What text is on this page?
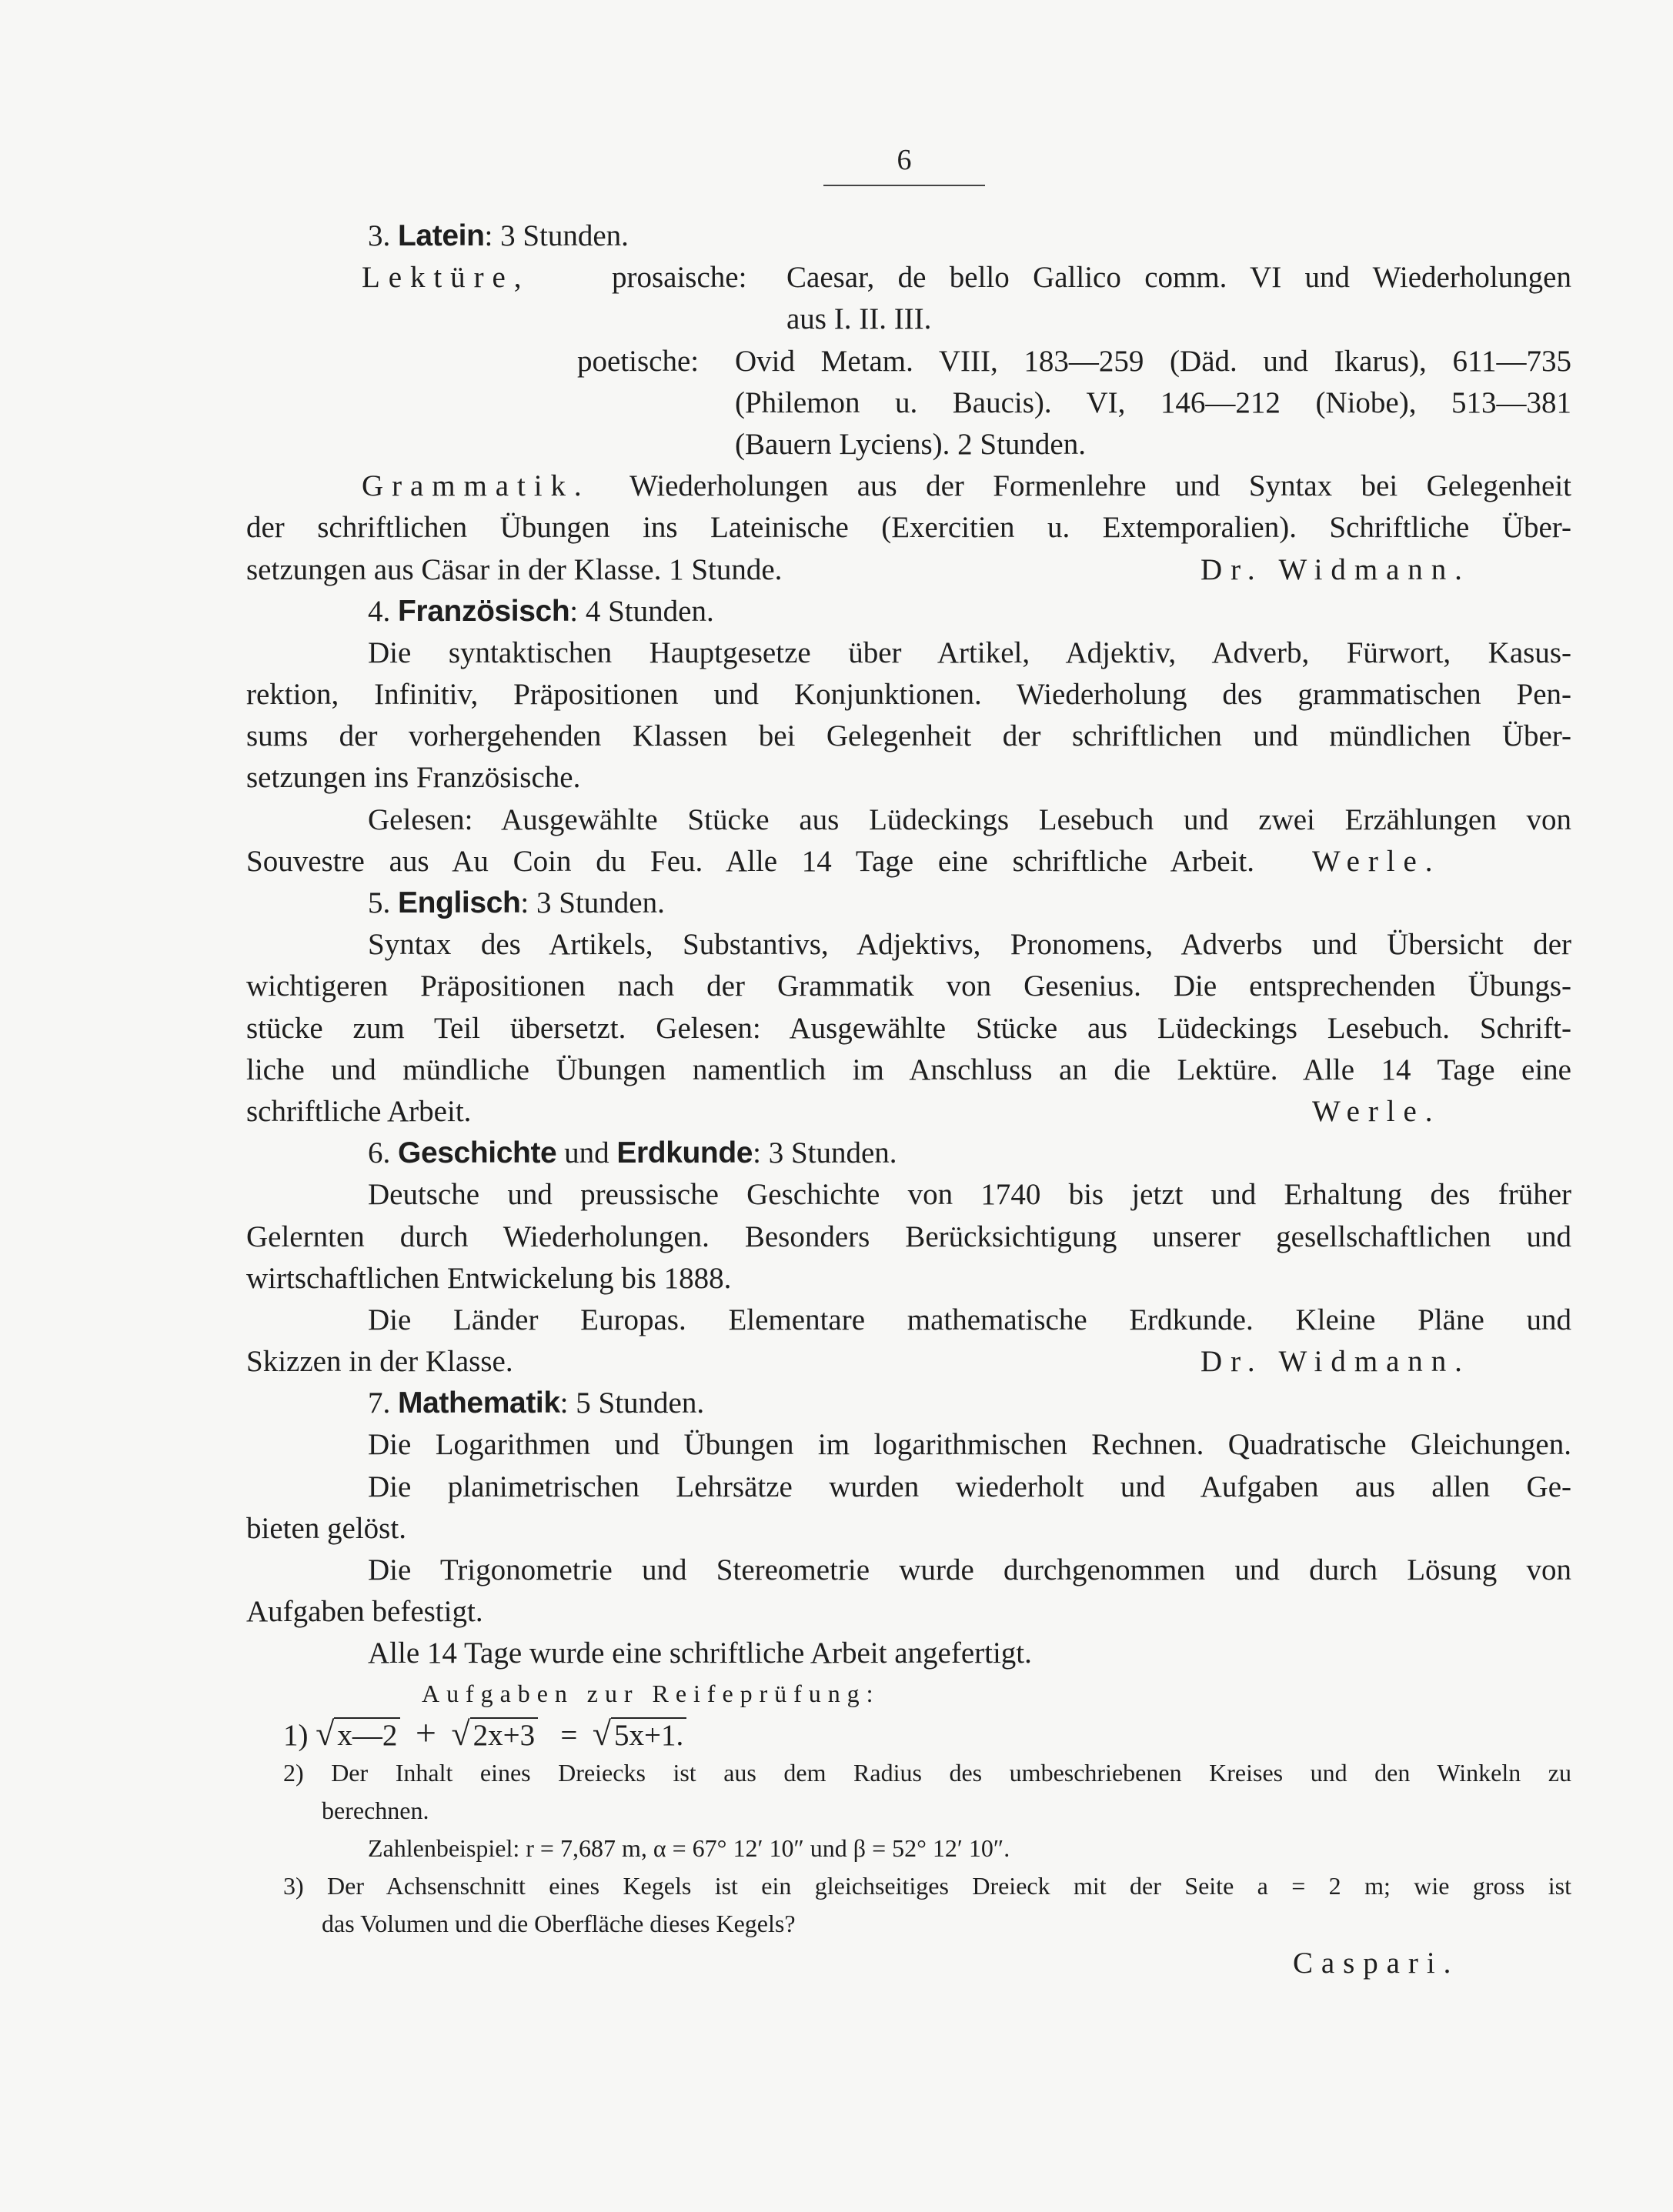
6
3. Latein: 3 Stunden.
Lektüre,	prosaische: Caesar, de bello Gallico comm. VI und Wiederholungen
aus I. II. III.
poetische: Ovid Metam. VIII, 183—259 (Däd. und Ikarus), 611—735
(Philemon u. Baucis). VI, 146—212 (Niobe), 513—381
(Bauern Lyciens). 2 Stunden.
Grammatik. Wiederholungen aus der Formenlehre und Syntax bei Gelegenheit
der schriftlichen Übungen ins Lateinische (Exercitien u. Extemporalien). Schriftliche Über-
setzungen aus Cäsar in der Klasse. 1 Stunde.	Dr. Widmann.
4. Französisch: 4 Stunden.
Die syntaktischen Hauptgesetze über Artikel, Adjektiv, Adverb, Fürwort, Kasus-
rektion, Infinitiv, Präpositionen und Konjunktionen. Wiederholung des grammatischen Pen-
sums der vorhergehenden Klassen bei Gelegenheit der schriftlichen und mündlichen Über-
setzungen ins Französische.
Gelesen: Ausgewählte Stücke aus Lüdeckings Lesebuch und zwei Erzählungen von
Souvestre aus Au Coin du Feu. Alle 14 Tage eine schriftliche Arbeit. Werle.
5. Englisch: 3 Stunden.
Syntax des Artikels, Substantivs, Adjektivs, Pronomens, Adverbs und Übersicht der
wichtigeren Präpositionen nach der Grammatik von Gesenius. Die entsprechenden Übungs-
stücke zum Teil übersetzt. Gelesen: Ausgewählte Stücke aus Lüdeckings Lesebuch. Schrift-
liche und mündliche Übungen namentlich im Anschluss an die Lektüre. Alle 14 Tage eine
schriftliche Arbeit.	Werle.
6. Geschichte und Erdkunde: 3 Stunden.
Deutsche und preussische Geschichte von 1740 bis jetzt und Erhaltung des früher
Gelernten durch Wiederholungen. Besonders Berücksichtigung unserer gesellschaftlichen und
wirtschaftlichen Entwickelung bis 1888.
Die Länder Europas. Elementare mathematische Erdkunde. Kleine Pläne und
Skizzen in der Klasse.	Dr. Widmann.
7. Mathematik: 5 Stunden.
Die Logarithmen und Übungen im logarithmischen Rechnen. Quadratische Gleichungen.
Die planimetrischen Lehrsätze wurden wiederholt und Aufgaben aus allen Ge-
bieten gelöst.
Die Trigonometrie und Stereometrie wurde durchgenommen und durch Lösung von
Aufgaben befestigt.
Alle 14 Tage wurde eine schriftliche Arbeit angefertigt.
Aufgaben zur Reifeprüfung:
1) √ x—2 + √ 2x+3 = √ 5x+1.
2) Der Inhalt eines Dreiecks ist aus dem Radius des umbeschriebenen Kreises und den Winkeln zu
berechnen.
Zahlenbeispiel: r = 7,687 m, α = 67° 12′ 10″ und β = 52° 12′ 10″.
3) Der Achsenschnitt eines Kegels ist ein gleichseitiges Dreieck mit der Seite a = 2 m; wie gross ist
das Volumen und die Oberfläche dieses Kegels?
Caspari.
